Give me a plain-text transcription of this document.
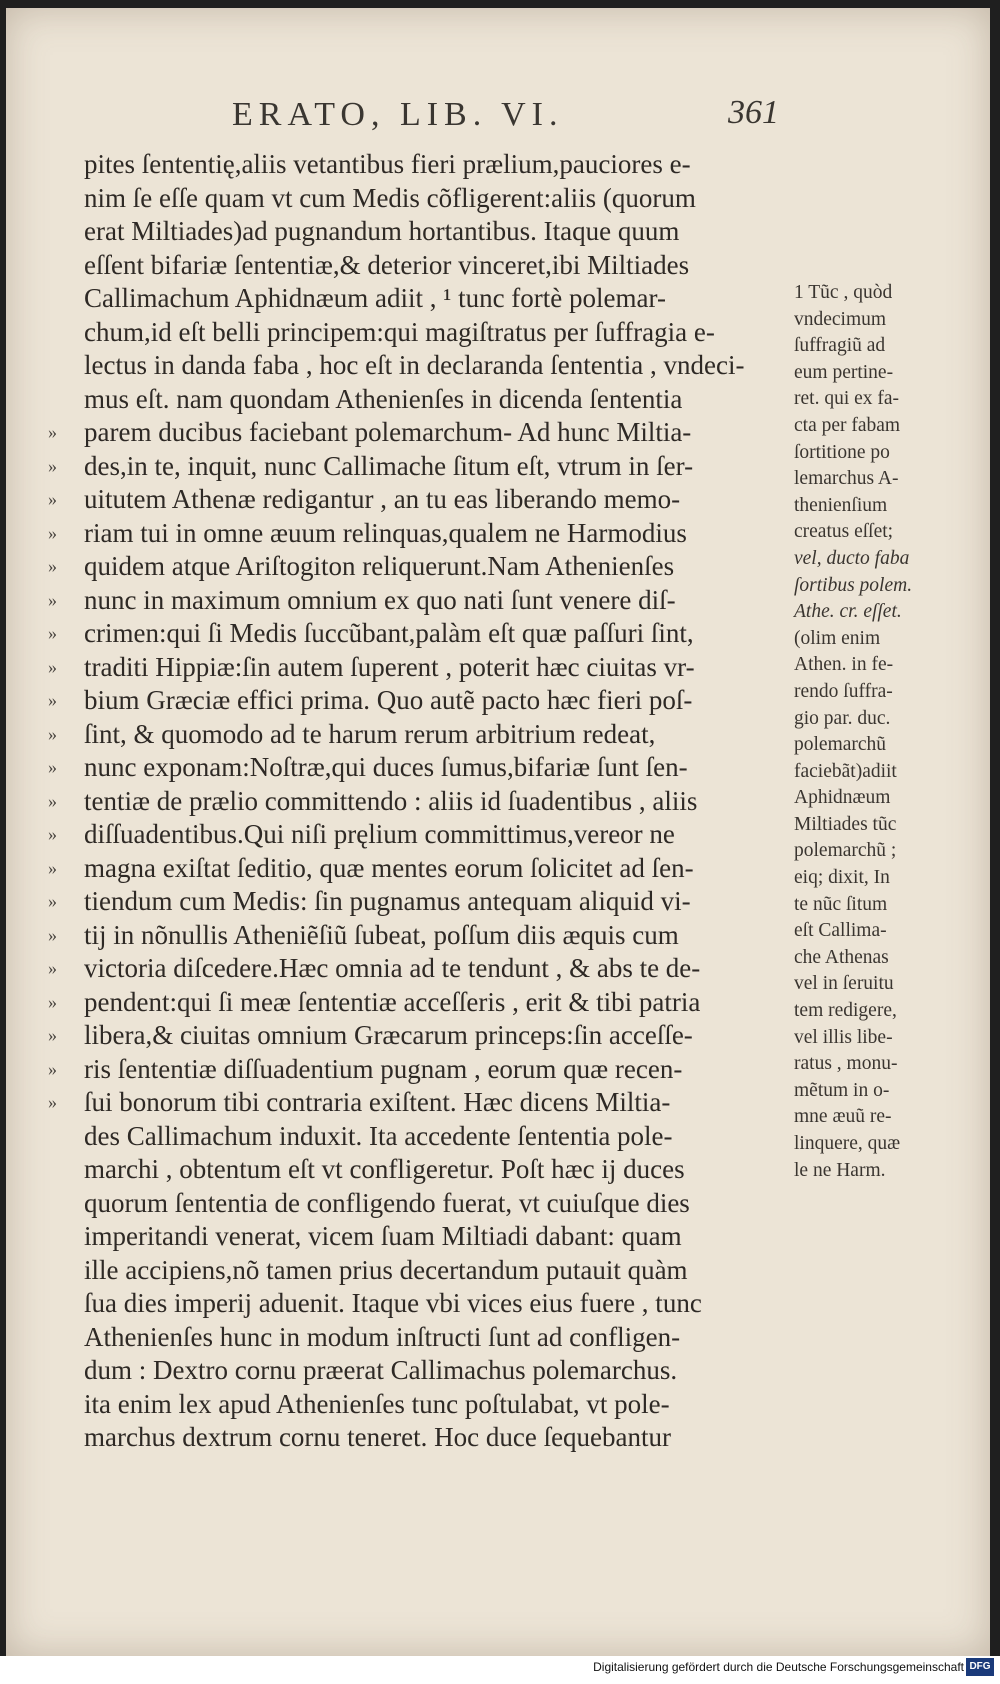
ERATO, LIB. VI.	361
pites ſententię,aliis vetantibus fieri prælium,pauciores e-
nim ſe eſſe quam vt cum Medis cõfligerent:aliis (quorum
erat Miltiades)ad pugnandum hortantibus. Itaque quum
eſſent bifariæ ſententiæ,& deterior vinceret,ibi Miltiades
Callimachum Aphidnæum adiit , ¹ tunc fortè polemar-
chum,id eſt belli principem:qui magiſtratus per ſuffragia e-
lectus in danda faba , hoc eſt in declaranda ſententia , vndeci-
mus eſt. nam quondam Athenienſes in dicenda ſententia
» parem ducibus faciebant polemarchum- Ad hunc Miltia-
» des,in te, inquit, nunc Callimache ſitum eſt, vtrum in ſer-
» uitutem Athenæ redigantur , an tu eas liberando memo-
» riam tui in omne æuum relinquas,qualem ne Harmodius
» quidem atque Ariſtogiton reliquerunt.Nam Athenienſes
» nunc in maximum omnium ex quo nati ſunt venere diſ-
» crimen:qui ſi Medis ſuccũbant,palàm eſt quæ paſſuri ſint,
» traditi Hippiæ:ſin autem ſuperent , poterit hæc ciuitas vr-
» bium Græciæ effici prima. Quo autẽ pacto hæc fieri poſ-
» ſint, & quomodo ad te harum rerum arbitrium redeat,
» nunc exponam:Noſtræ,qui duces ſumus,bifariæ ſunt ſen-
» tentiæ de prælio committendo : aliis id ſuadentibus , aliis
» diſſuadentibus.Qui niſi pręlium committimus,vereor ne
» magna exiſtat ſeditio, quæ mentes eorum ſolicitet ad ſen-
» tiendum cum Medis: ſin pugnamus antequam aliquid vi-
» tij in nõnullis Atheniẽſiũ ſubeat, poſſum diis æquis cum
» victoria diſcedere.Hæc omnia ad te tendunt , & abs te de-
» pendent:qui ſi meæ ſententiæ acceſſeris , erit & tibi patria
» libera,& ciuitas omnium Græcarum princeps:ſin acceſſe-
» ris ſententiæ diſſuadentium pugnam , eorum quæ recen-
» ſui bonorum tibi contraria exiſtent. Hæc dicens Miltia-
des Callimachum induxit. Ita accedente ſententia pole-
marchi , obtentum eſt vt confligeretur. Poſt hæc ij duces
quorum ſententia de confligendo fuerat, vt cuiuſque dies
imperitandi venerat, vicem ſuam Miltiadi dabant: quam
ille accipiens,nõ tamen prius decertandum putauit quàm
ſua dies imperij aduenit. Itaque vbi vices eius fuere , tunc
Athenienſes hunc in modum inſtructi ſunt ad confligen-
dum : Dextro cornu præerat Callimachus polemarchus.
ita enim lex apud Athenienſes tunc poſtulabat, vt pole-
marchus dextrum cornu teneret. Hoc duce ſequebantur
1 Tũc , quòd
vndecimum
ſuffragiũ ad
eum pertine-
ret. qui ex fa-
cta per fabam
ſortitione po
lemarchus A-
thenienſium
creatus eſſet;
vel, ducto faba
ſortibus polem.
Athe. cr. eſſet.
(olim enim
Athen. in fe-
rendo ſuffra-
gio par. duc.
polemarchũ
faciebãt)adiit
Aphidnæum
Miltiades tũc
polemarchũ ;
eiq; dixit, In
te nũc ſitum
eſt Callima-
che Athenas
vel in ſeruitu
tem redigere,
vel illis libe-
ratus , monu-
mẽtum in o-
mne æuũ re-
linquere, quæ
le ne Harm.
Digitalisierung gefördert durch die Deutsche Forschungsgemeinschaft DFG
